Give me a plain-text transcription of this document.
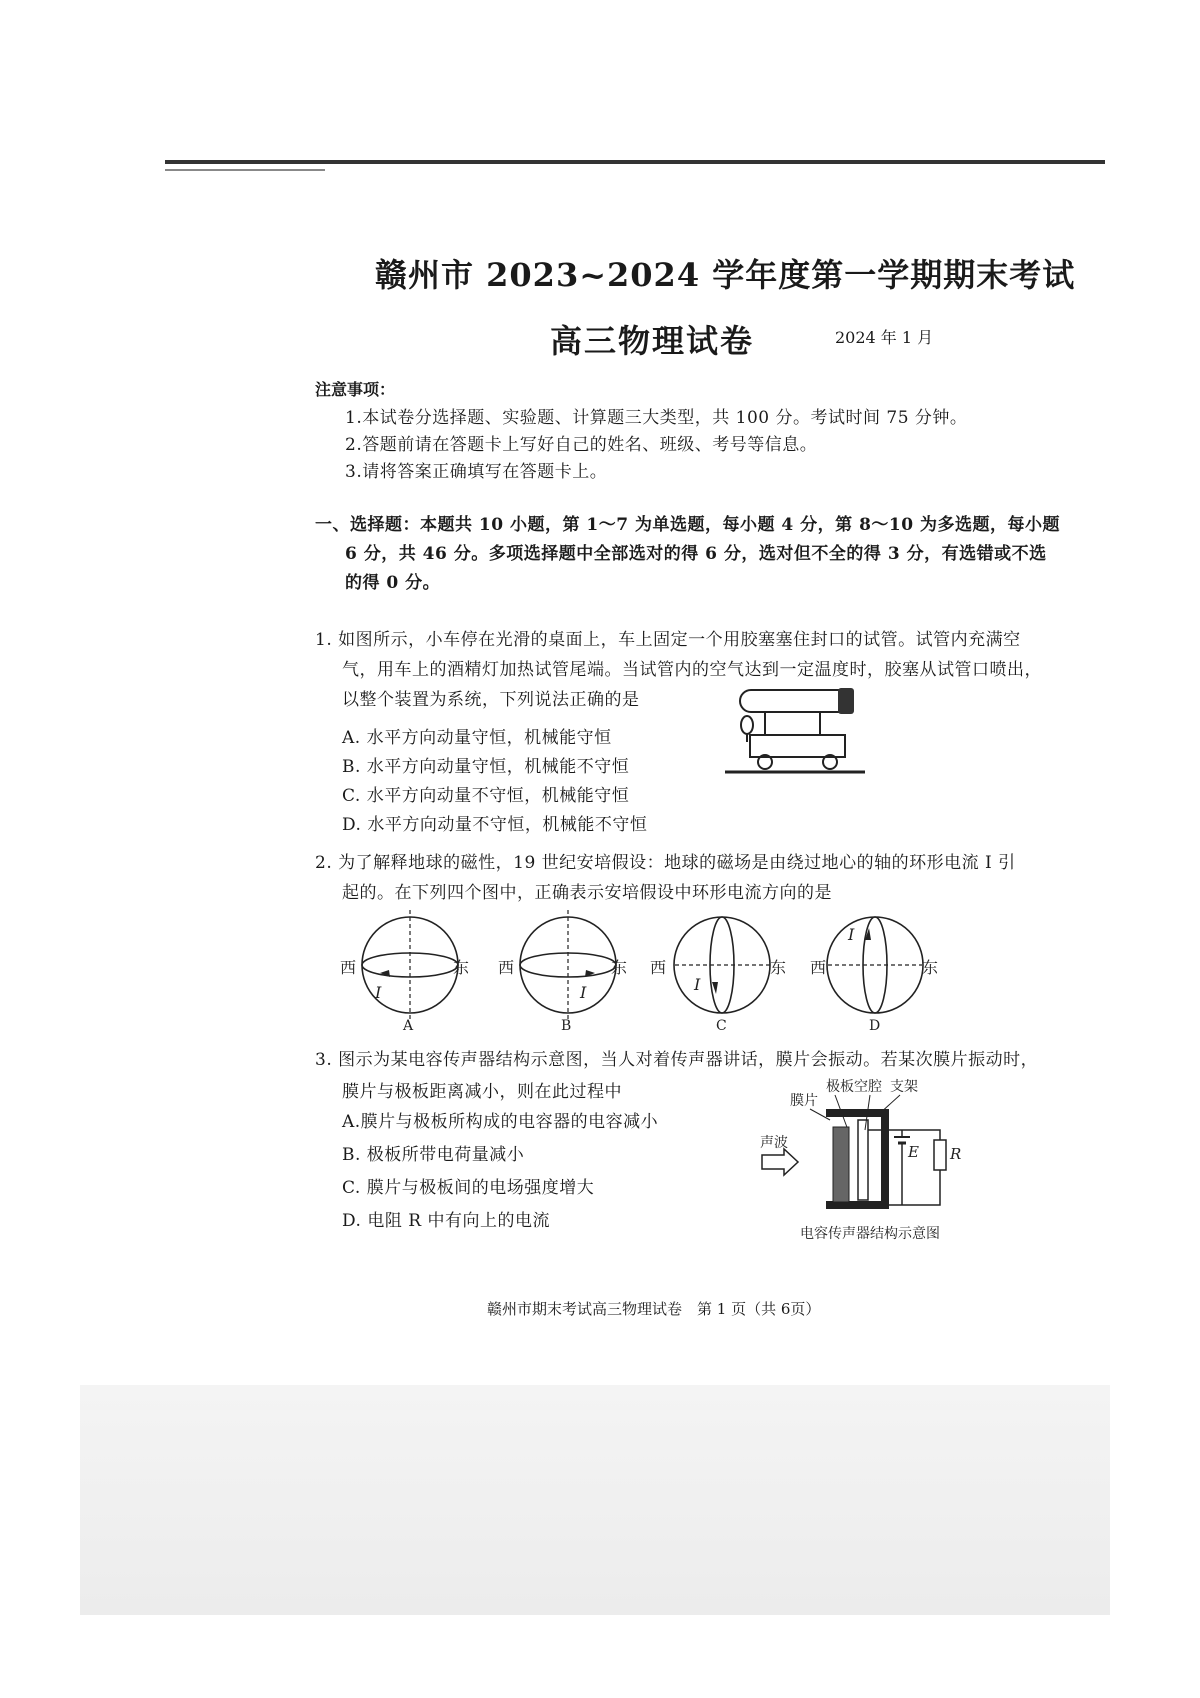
赣州市 2023~2024 学年度第一学期期末考试
高三物理试卷	2024 年 1 月
注意事项：
1.本试卷分选择题、实验题、计算题三大类型，共 100 分。考试时间 75 分钟。
2.答题前请在答题卡上写好自己的姓名、班级、考号等信息。
3.请将答案正确填写在答题卡上。
一、选择题：本题共 10 小题，第 1～7 为单选题，每小题 4 分，第 8～10 为多选题，每小题
6 分，共 46 分。多项选择题中全部选对的得 6 分，选对但不全的得 3 分，有选错或不选
的得 0 分。
1. 如图所示，小车停在光滑的桌面上，车上固定一个用胶塞塞住封口的试管。试管内充满空
气，用车上的酒精灯加热试管尾端。当试管内的空气达到一定温度时，胶塞从试管口喷出，
以整个装置为系统，下列说法正确的是
A. 水平方向动量守恒，机械能守恒
B. 水平方向动量守恒，机械能不守恒
C. 水平方向动量不守恒，机械能守恒
D. 水平方向动量不守恒，机械能不守恒
2. 为了解释地球的磁性，19 世纪安培假设：地球的磁场是由绕过地心的轴的环形电流 I 引
起的。在下列四个图中，正确表示安培假设中环形电流方向的是
西
I
东
A
西
I
东
B
西
I
东
C
西
I
东
D
3. 图示为某电容传声器结构示意图，当人对着传声器讲话，膜片会振动。若某次膜片振动时，
膜片与极板距离减小，则在此过程中
A.膜片与极板所构成的电容器的电容减小
B. 极板所带电荷量减小
C. 膜片与极板间的电场强度增大
D. 电阻 R 中有向上的电流
膜片
极板空腔 支架
E R
声波
电容传声器结构示意图
赣州市期末考试高三物理试卷　第 1 页（共 6页）
